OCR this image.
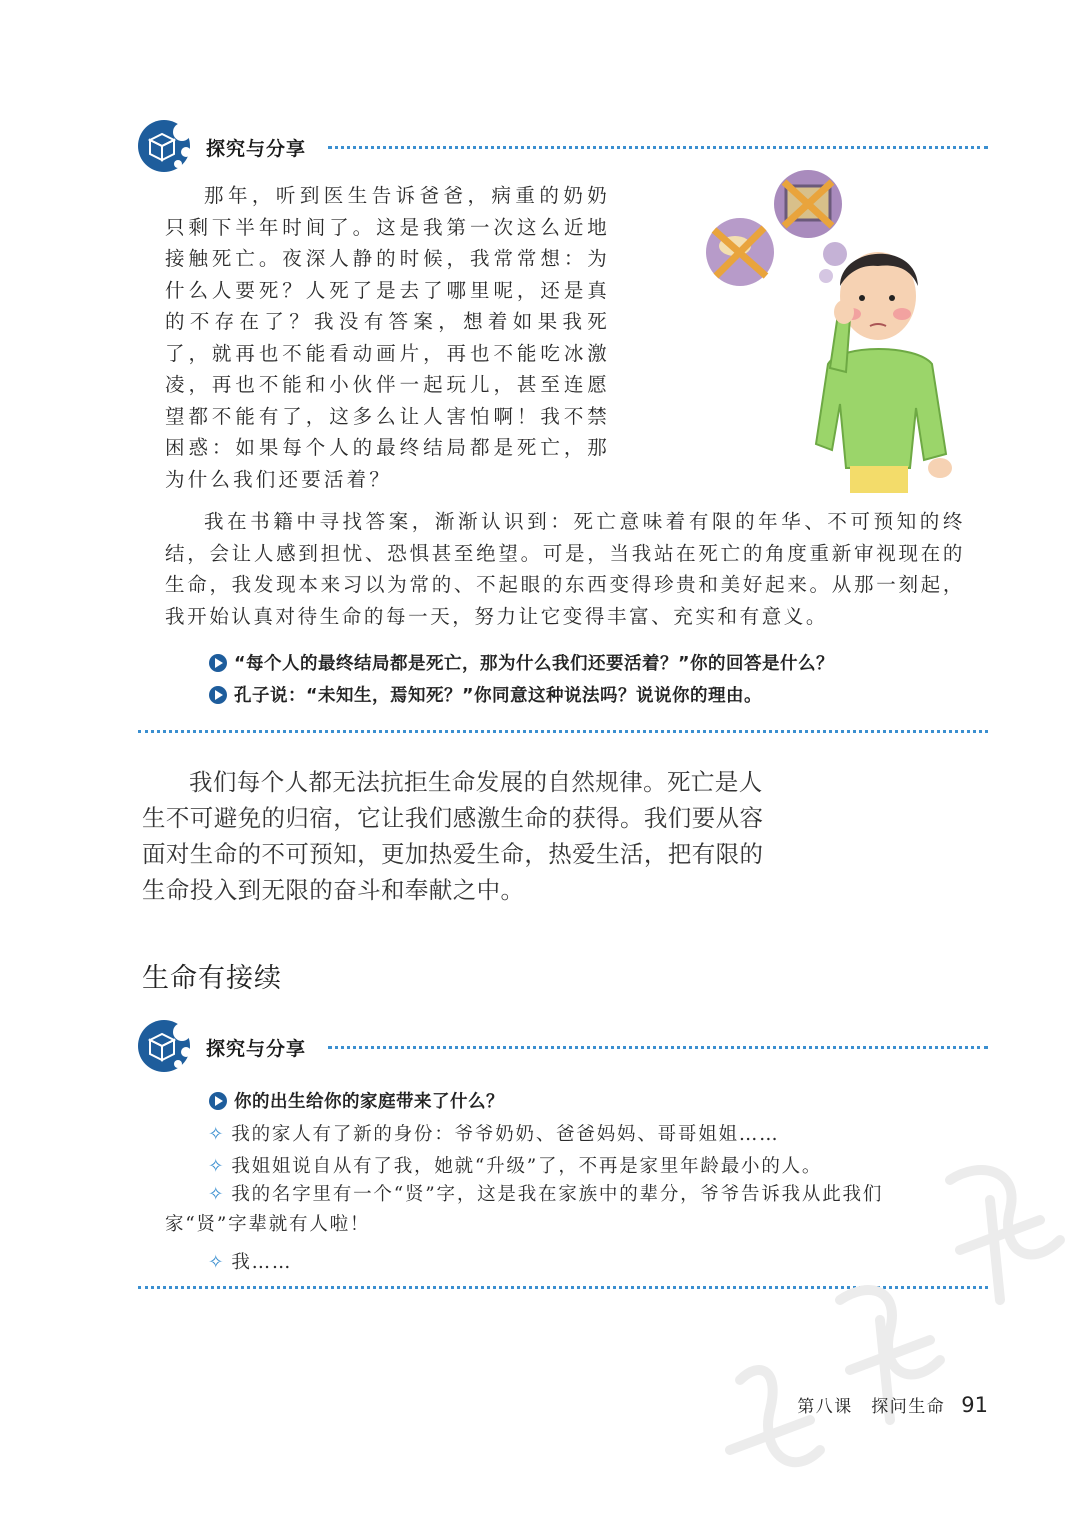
探究与分享

那年，听到医生告诉爸爸，病重的奶奶只剩下半年时间了。这是我第一次这么近地接触死亡。夜深人静的时候，我常常想：为什么人要死？人死了是去了哪里呢，还是真的不存在了？我没有答案，想着如果我死了，就再也不能看动画片，再也不能吃冰激凌，再也不能和小伙伴一起玩儿，甚至连愿望都不能有了，这多么让人害怕啊！我不禁困惑：如果每个人的最终结局都是死亡，那为什么我们还要活着？

我在书籍中寻找答案，渐渐认识到：死亡意味着有限的年华、不可预知的终结，会让人感到担忧、恐惧甚至绝望。可是，当我站在死亡的角度重新审视现在的生命，我发现本来习以为常的、不起眼的东西变得珍贵和美好起来。从那一刻起，我开始认真对待生命的每一天，努力让它变得丰富、充实和有意义。

“每个人的最终结局都是死亡，那为什么我们还要活着？”你的回答是什么？
孔子说：“未知生，焉知死？”你同意这种说法吗？说说你的理由。

我们每个人都无法抗拒生命发展的自然规律。死亡是人生不可避免的归宿，它让我们感激生命的获得。我们要从容面对生命的不可预知，更加热爱生命，热爱生活，把有限的生命投入到无限的奋斗和奉献之中。

生命有接续
探究与分享
你的出生给你的家庭带来了什么？
✧ 我的家人有了新的身份：爷爷奶奶、爸爸妈妈、哥哥姐姐……
✧ 我姐姐说自从有了我，她就“升级”了，不再是家里年龄最小的人。

✧ 我的名字里有一个“贤”字，这是我在家族中的辈分，爷爷告诉我从此我们家“贤”字辈就有人啦！

✧ 我……
第八课　探问生命 91
